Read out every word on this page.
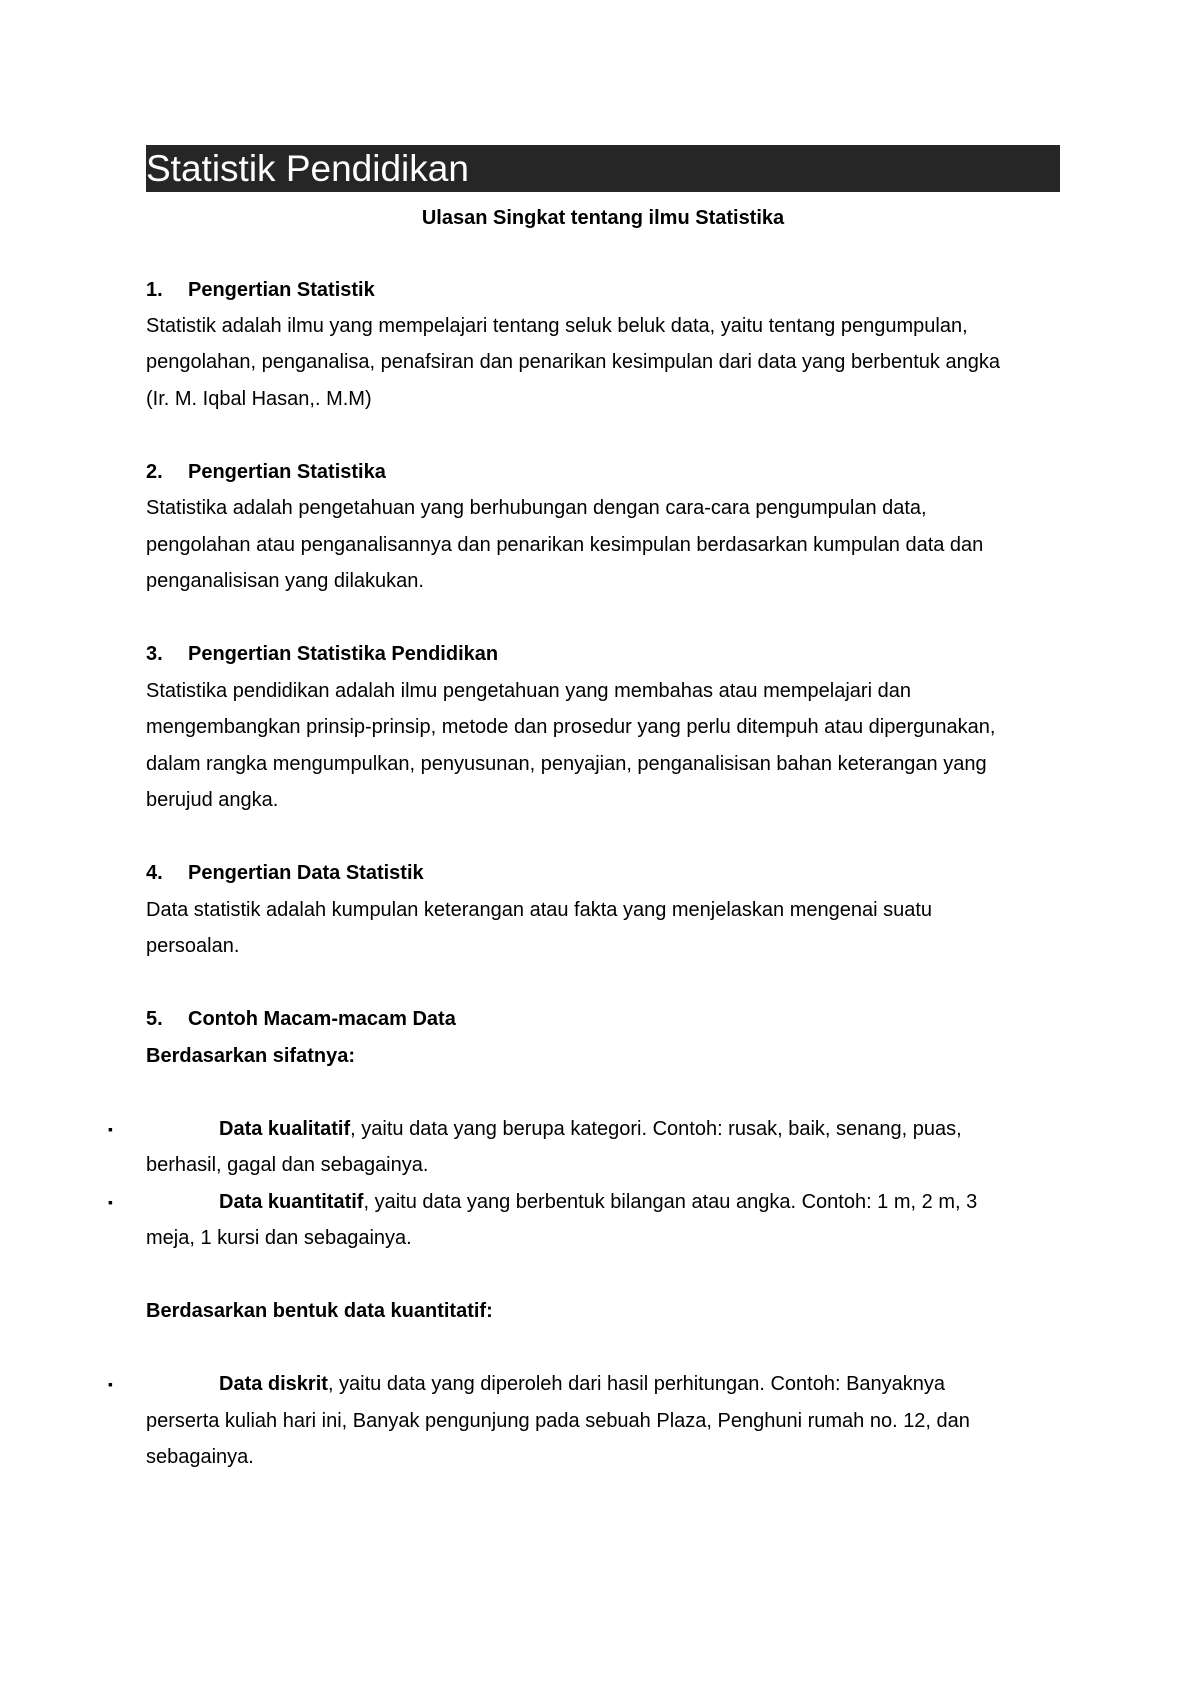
Statistik Pendidikan
Ulasan Singkat tentang ilmu Statistika
1. Pengertian Statistik
Statistik adalah ilmu yang mempelajari tentang seluk beluk data, yaitu tentang pengumpulan,
pengolahan, penganalisa, penafsiran dan penarikan kesimpulan dari data yang berbentuk angka
(Ir. M. Iqbal Hasan,. M.M)
2. Pengertian Statistika
Statistika adalah pengetahuan yang berhubungan dengan cara-cara pengumpulan data,
pengolahan atau penganalisannya dan penarikan kesimpulan berdasarkan kumpulan data dan
penganalisisan yang dilakukan.
3. Pengertian Statistika Pendidikan
Statistika pendidikan adalah ilmu pengetahuan yang membahas atau mempelajari dan
mengembangkan prinsip-prinsip, metode dan prosedur yang perlu ditempuh atau dipergunakan,
dalam rangka mengumpulkan, penyusunan, penyajian, penganalisisan bahan keterangan yang
berujud angka.
4. Pengertian Data Statistik
Data statistik adalah kumpulan keterangan atau fakta yang menjelaskan mengenai suatu
persoalan.
5. Contoh Macam-macam Data
Berdasarkan sifatnya:
▪	Data kualitatif, yaitu data yang berupa kategori. Contoh: rusak, baik, senang, puas,
berhasil, gagal dan sebagainya.
▪	Data kuantitatif, yaitu data yang berbentuk bilangan atau angka. Contoh: 1 m, 2 m, 3
meja, 1 kursi dan sebagainya.
Berdasarkan bentuk data kuantitatif:
▪	Data diskrit, yaitu data yang diperoleh dari hasil perhitungan. Contoh: Banyaknya
perserta kuliah hari ini, Banyak pengunjung pada sebuah Plaza, Penghuni rumah no. 12, dan
sebagainya.
